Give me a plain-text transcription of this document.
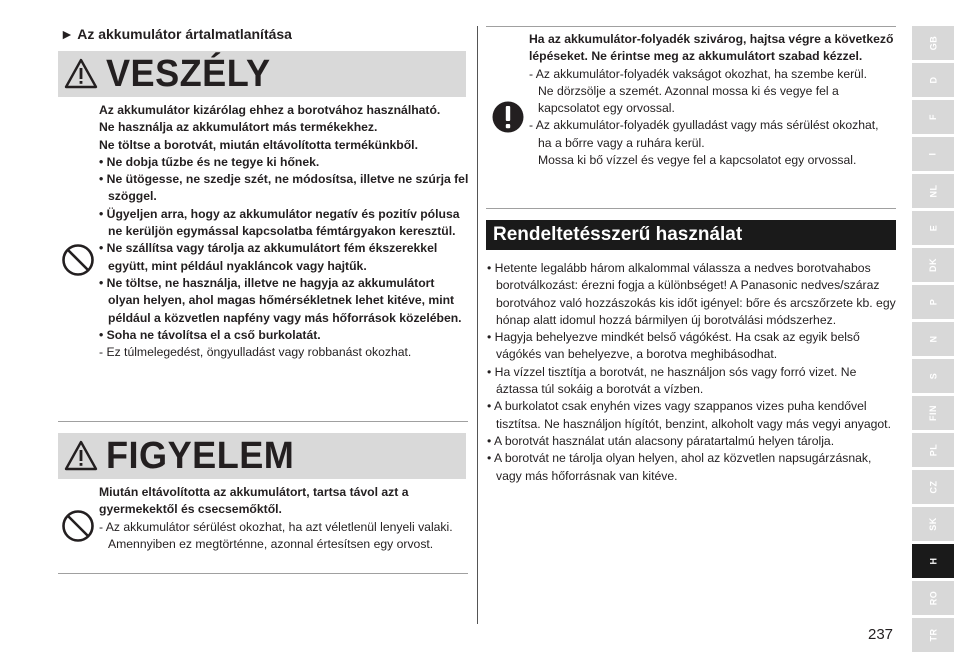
► Az akkumulátor ártalmatlanítása
VESZÉLY
Az akkumulátor kizárólag ehhez a borotvához használható.
Ne használja az akkumulátort más termékekhez.
Ne töltse a borotvát, miután eltávolította termékünkből.
• Ne dobja tűzbe és ne tegye ki hőnek.
• Ne ütögesse, ne szedje szét, ne módosítsa, illetve ne szúrja fel szöggel.
• Ügyeljen arra, hogy az akkumulátor negatív és pozitív pólusa ne kerüljön egymással kapcsolatba fémtárgyakon keresztül.
• Ne szállítsa vagy tárolja az akkumulátort fém ékszerekkel együtt, mint például nyakláncok vagy hajtűk.
• Ne töltse, ne használja, illetve ne hagyja az akkumulátort olyan helyen, ahol magas hőmérsékletnek lehet kitéve, mint például a közvetlen napfény vagy más hőforrások közelében.
• Soha ne távolítsa el a cső burkolatát.
- Ez túlmelegedést, öngyulladást vagy robbanást okozhat.
FIGYELEM
Miután eltávolította az akkumulátort, tartsa távol azt a gyermekektől és csecsemőktől.
- Az akkumulátor sérülést okozhat, ha azt véletlenül lenyeli valaki.
Amennyiben ez megtörténne, azonnal értesítsen egy orvost.
Ha az akkumulátor-folyadék szivárog, hajtsa végre a következő lépéseket. Ne érintse meg az akkumulátort szabad kézzel.
- Az akkumulátor-folyadék vakságot okozhat, ha szembe kerül.
Ne dörzsölje a szemét. Azonnal mossa ki és vegye fel a kapcsolatot egy orvossal.
- Az akkumulátor-folyadék gyulladást vagy más sérülést okozhat, ha a bőrre vagy a ruhára kerül.
Mossa ki bő vízzel és vegye fel a kapcsolatot egy orvossal.
Rendeltetésszerű használat
• Hetente legalább három alkalommal válassza a nedves borotvahabos borotválkozást: érezni fogja a különbséget! A Panasonic nedves/száraz borotvához való hozzászokás kis időt igényel: bőre és arcszőrzete kb. egy hónap alatt idomul hozzá bármilyen új borotválási módszerhez.
• Hagyja behelyezve mindkét belső vágókést. Ha csak az egyik belső vágókés van behelyezve, a borotva meghibásodhat.
• Ha vízzel tisztítja a borotvát, ne használjon sós vagy forró vizet. Ne áztassa túl sokáig a borotvát a vízben.
• A burkolatot csak enyhén vizes vagy szappanos vizes puha kendővel tisztítsa. Ne használjon hígítót, benzint, alkoholt vagy más vegyi anyagot.
• A borotvát használat után alacsony páratartalmú helyen tárolja.
• A borotvát ne tárolja olyan helyen, ahol az közvetlen napsugárzásnak, vagy más hőforrásnak van kitéve.
GB
D
F
I
NL
E
DK
P
N
S
FIN
PL
CZ
SK
H
RO
TR
237
